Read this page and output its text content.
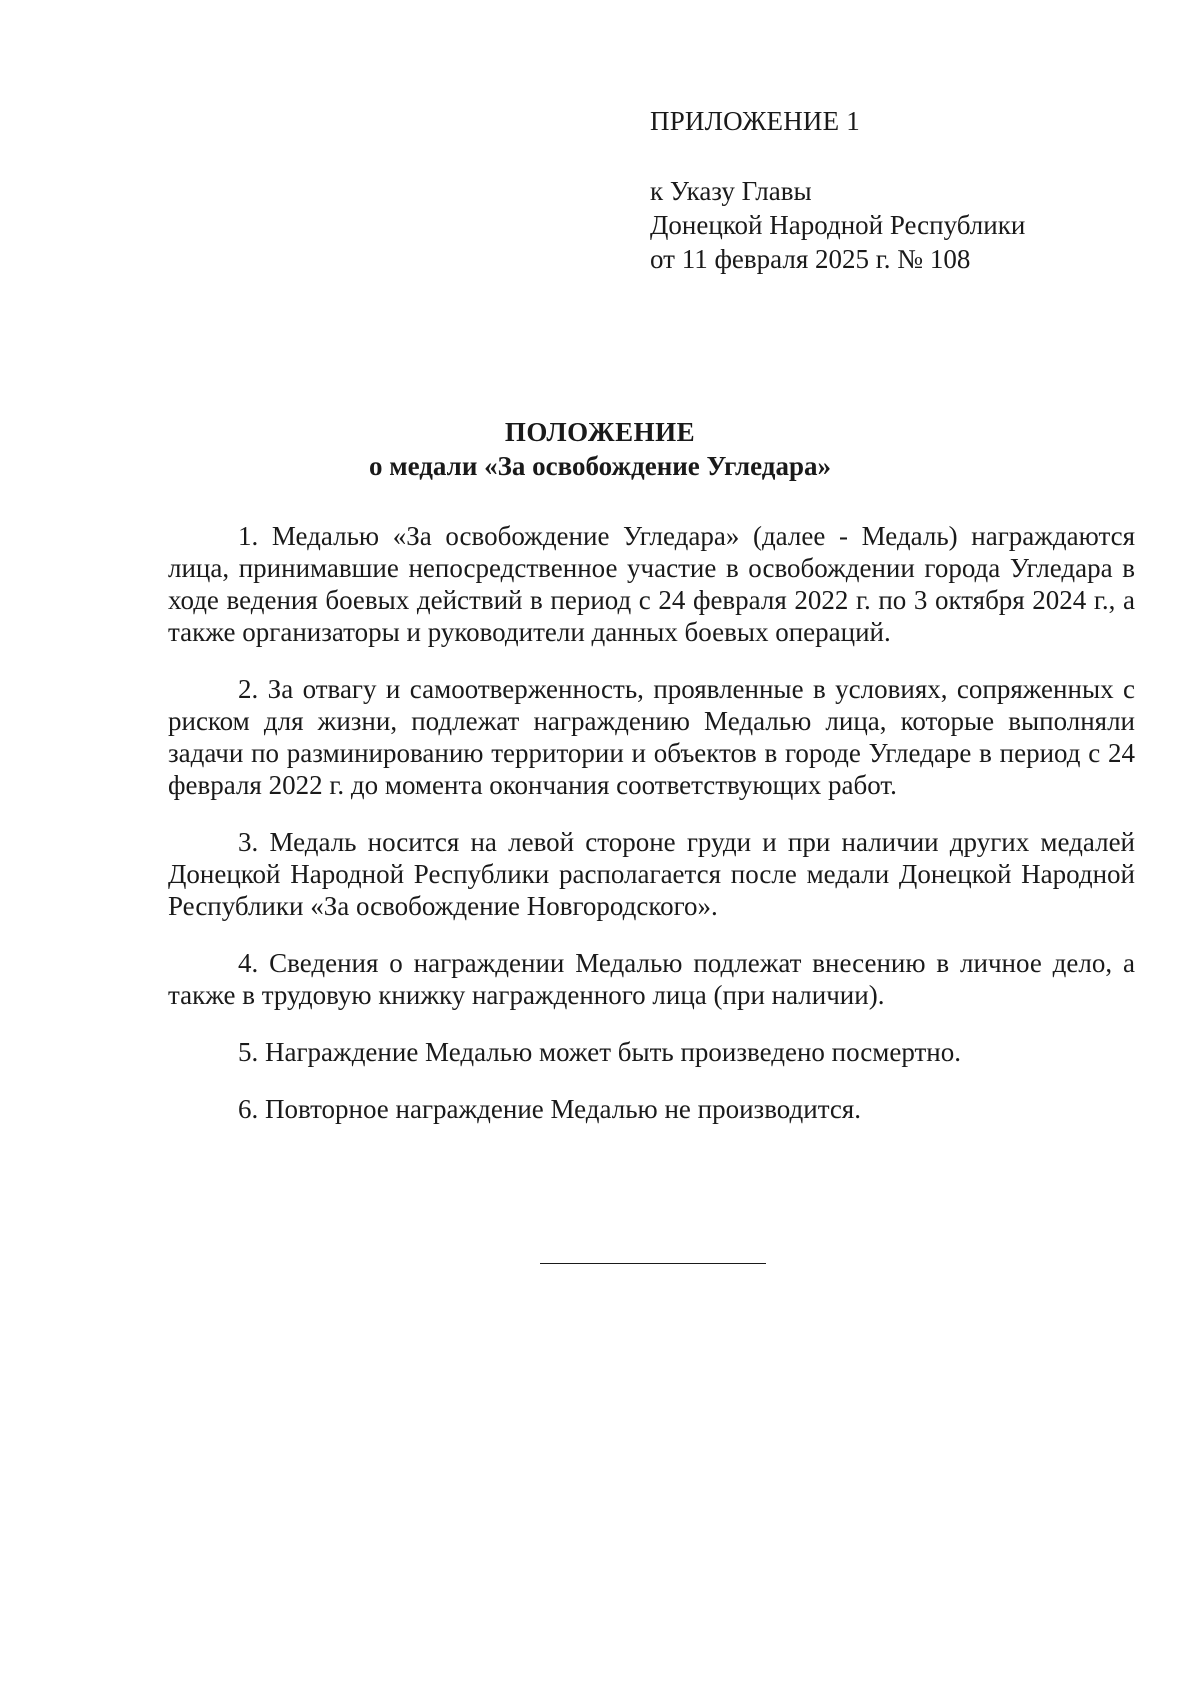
ПРИЛОЖЕНИЕ 1
к Указу Главы
Донецкой Народной Республики
от 11 февраля 2025 г. № 108
ПОЛОЖЕНИЕ
о медали «За освобождение Угледара»

1. Медалью «За освобождение Угледара» (далее - Медаль) награждаются лица, принимавшие непосредственное участие в освобождении города Угледара в ходе ведения боевых действий в период с 24 февраля 2022 г. по 3 октября 2024 г., а также организаторы и руководители данных боевых операций.

2. За отвагу и самоотверженность, проявленные в условиях, сопряженных с риском для жизни, подлежат награждению Медалью лица, которые выполняли задачи по разминированию территории и объектов в городе Угледаре в период с 24 февраля 2022 г. до момента окончания соответствующих работ.

3. Медаль носится на левой стороне груди и при наличии других медалей Донецкой Народной Республики располагается после медали Донецкой Народной Республики «За освобождение Новгородского».

4. Сведения о награждении Медалью подлежат внесению в личное дело, а также в трудовую книжку награжденного лица (при наличии).

5. Награждение Медалью может быть произведено посмертно.

6. Повторное награждение Медалью не производится.
